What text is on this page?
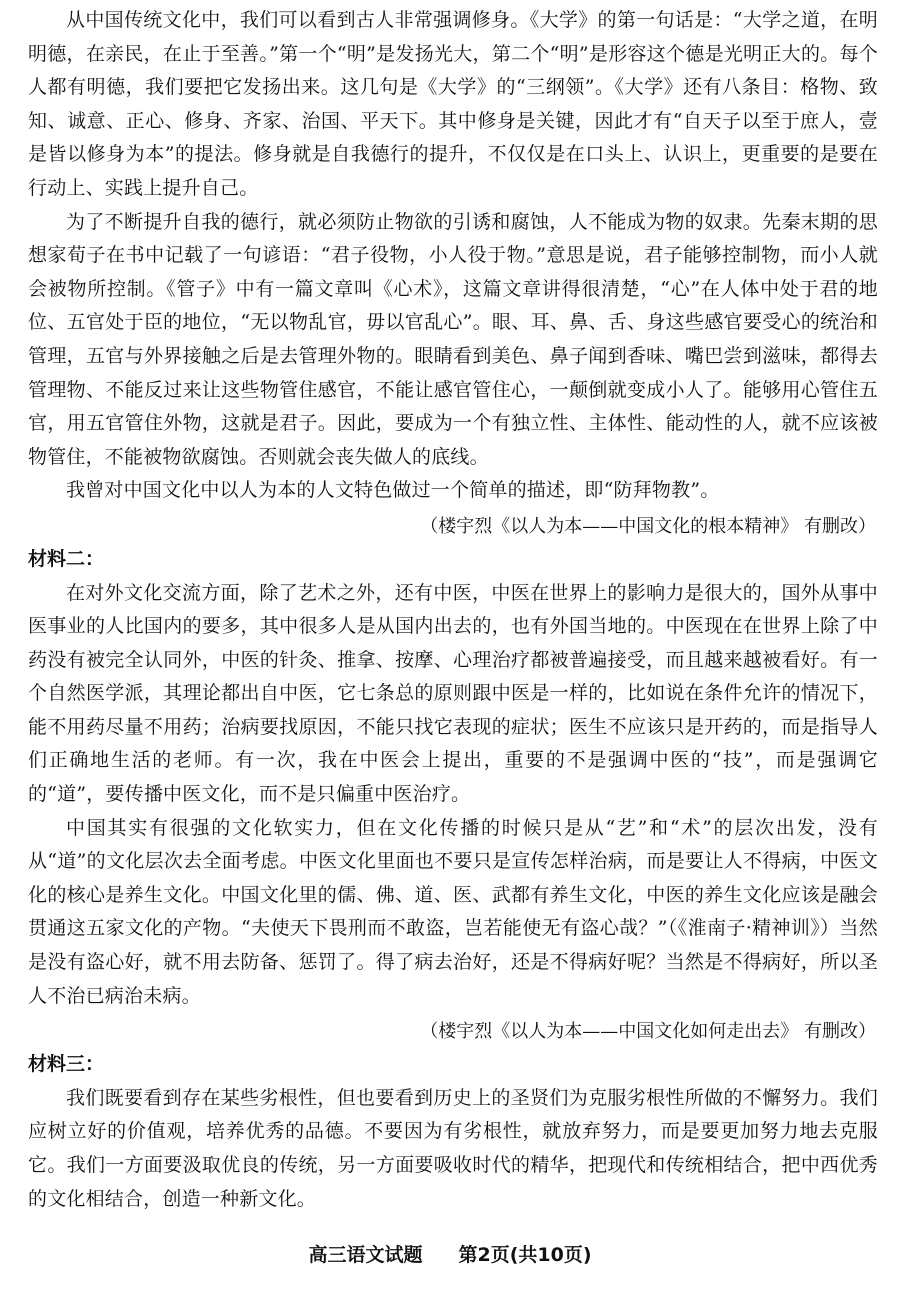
从中国传统文化中，我们可以看到古人非常强调修身。《大学》的第一句话是：“大学之道，在明明德，在亲民，在止于至善。”第一个“明”是发扬光大，第二个“明”是形容这个德是光明正大的。每个人都有明德，我们要把它发扬出来。这几句是《大学》的“三纲领”。《大学》还有八条目：格物、致知、诚意、正心、修身、齐家、治国、平天下。其中修身是关键，因此才有“自天子以至于庶人，壹是皆以修身为本”的提法。修身就是自我德行的提升，不仅仅是在口头上、认识上，更重要的是要在行动上、实践上提升自己。

为了不断提升自我的德行，就必须防止物欲的引诱和腐蚀，人不能成为物的奴隶。先秦末期的思想家荀子在书中记载了一句谚语：“君子役物，小人役于物。”意思是说，君子能够控制物，而小人就会被物所控制。《管子》中有一篇文章叫《心术》，这篇文章讲得很清楚，“心”在人体中处于君的地位、五官处于臣的地位，“无以物乱官，毋以官乱心”。眼、耳、鼻、舌、身这些感官要受心的统治和管理，五官与外界接触之后是去管理外物的。眼睛看到美色、鼻子闻到香味、嘴巴尝到滋味，都得去管理物、不能反过来让这些物管住感官，不能让感官管住心，一颠倒就变成小人了。能够用心管住五官，用五官管住外物，这就是君子。因此，要成为一个有独立性、主体性、能动性的人，就不应该被物管住，不能被物欲腐蚀。否则就会丧失做人的底线。

我曾对中国文化中以人为本的人文特色做过一个简单的描述，即“防拜物教”。

（楼宇烈《以人为本——中国文化的根本精神》 有删改）

材料二：

在对外文化交流方面，除了艺术之外，还有中医，中医在世界上的影响力是很大的，国外从事中医事业的人比国内的要多，其中很多人是从国内出去的，也有外国当地的。中医现在在世界上除了中药没有被完全认同外，中医的针灸、推拿、按摩、心理治疗都被普遍接受，而且越来越被看好。有一个自然医学派，其理论都出自中医，它七条总的原则跟中医是一样的，比如说在条件允许的情况下，能不用药尽量不用药；治病要找原因，不能只找它表现的症状；医生不应该只是开药的，而是指导人们正确地生活的老师。有一次，我在中医会上提出，重要的不是强调中医的“技”，而是强调它的“道”，要传播中医文化，而不是只偏重中医治疗。

中国其实有很强的文化软实力，但在文化传播的时候只是从“艺”和“术”的层次出发，没有从“道”的文化层次去全面考虑。中医文化里面也不要只是宣传怎样治病，而是要让人不得病，中医文化的核心是养生文化。中国文化里的儒、佛、道、医、武都有养生文化，中医的养生文化应该是融会贯通这五家文化的产物。“夫使天下畏刑而不敢盗，岂若能使无有盗心哉？”（《淮南子·精神训》）当然是没有盗心好，就不用去防备、惩罚了。得了病去治好，还是不得病好呢？当然是不得病好，所以圣人不治已病治未病。

（楼宇烈《以人为本——中国文化如何走出去》 有删改）

材料三：

我们既要看到存在某些劣根性，但也要看到历史上的圣贤们为克服劣根性所做的不懈努力。我们应树立好的价值观，培养优秀的品德。不要因为有劣根性，就放弃努力，而是要更加努力地去克服它。我们一方面要汲取优良的传统，另一方面要吸收时代的精华，把现代和传统相结合，把中西优秀的文化相结合，创造一种新文化。

高三语文试题 第2页(共10页)
